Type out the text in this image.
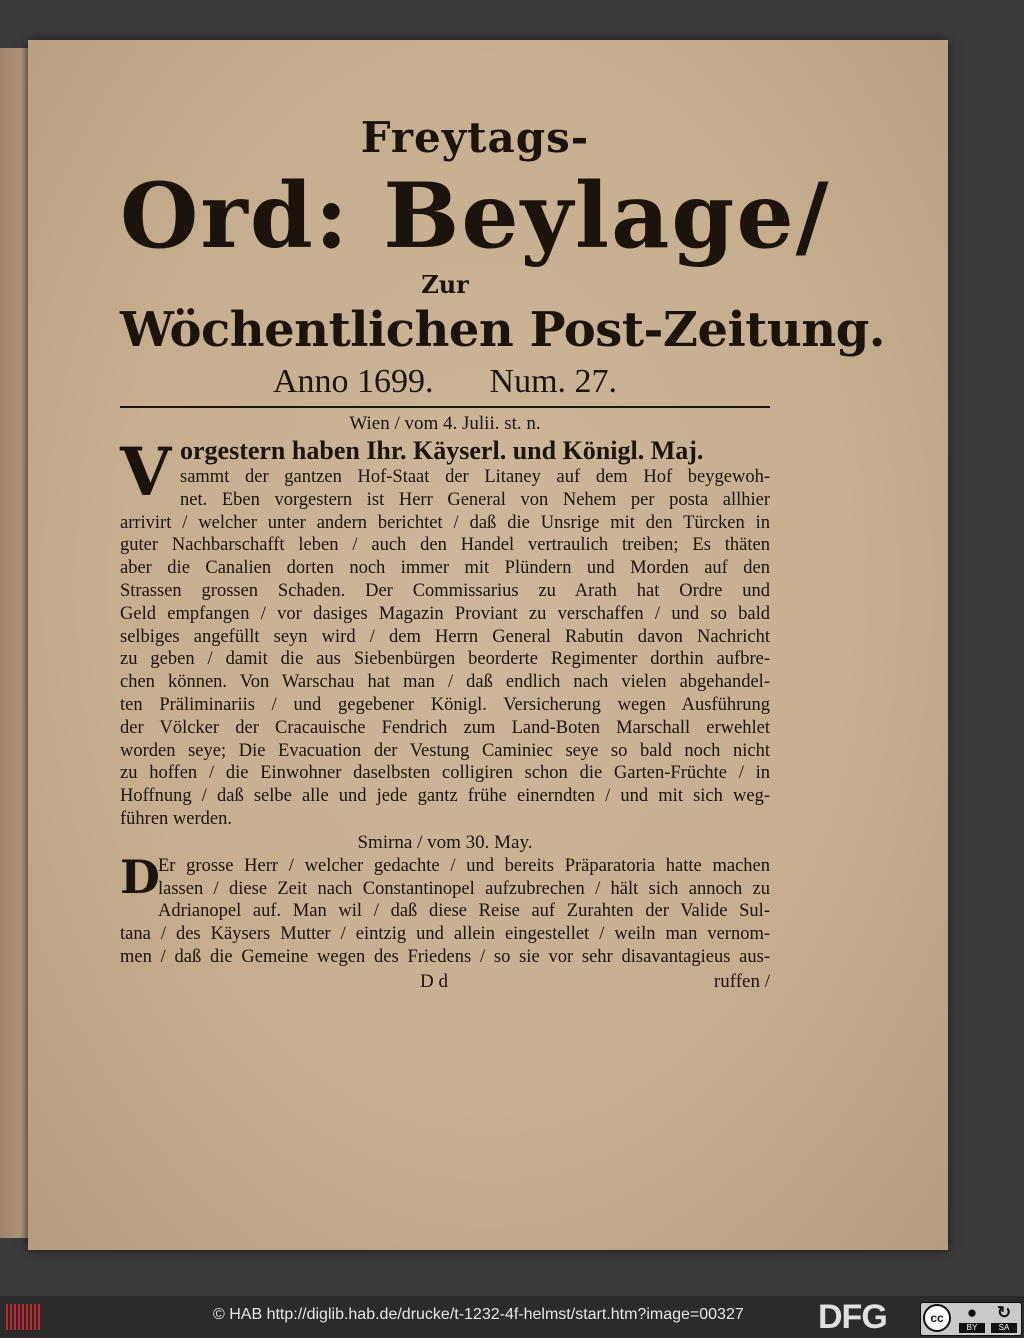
Freytags-
Ord: Beylage/
Zur
Wöchentlichen Post-Zeitung.
Anno 1699. Num. 27.
Wien / vom 4. Julii. st. n.
V orgestern haben Ihr. Käyserl. und Königl. Maj.
sammt der gantzen Hof-Staat der Litaney auf dem Hof beygewoh-
net. Eben vorgestern ist Herr General von Nehem per posta allhier
arrivirt / welcher unter andern berichtet / daß die Unsrige mit den Türcken in
guter Nachbarschafft leben / auch den Handel vertraulich treiben; Es thäten
aber die Canalien dorten noch immer mit Plündern und Morden auf den
Strassen grossen Schaden. Der Commissarius zu Arath hat Ordre und
Geld empfangen / vor dasiges Magazin Proviant zu verschaffen / und so bald
selbiges angefüllt seyn wird / dem Herrn General Rabutin davon Nachricht
zu geben / damit die aus Siebenbürgen beorderte Regimenter dorthin aufbre-
chen können. Von Warschau hat man / daß endlich nach vielen abgehandel-
ten Präliminariis / und gegebener Königl. Versicherung wegen Ausführung
der Völcker der Cracauische Fendrich zum Land-Boten Marschall erwehlet
worden seye; Die Evacuation der Vestung Caminiec seye so bald noch nicht
zu hoffen / die Einwohner daselbsten colligiren schon die Garten-Früchte / in
Hoffnung / daß selbe alle und jede gantz frühe einerndten / und mit sich weg-
führen werden.
Smirna / vom 30. May.
D
Er grosse Herr / welcher gedachte / und bereits Präparatoria hatte machen
lassen / diese Zeit nach Constantinopel aufzubrechen / hält sich annoch zu
Adrianopel auf. Man wil / daß diese Reise auf Zurahten der Valide Sul-
tana / des Käysers Mutter / eintzig und allein eingestellet / weiln man vernom-
men / daß die Gemeine wegen des Friedens / so sie vor sehr disavantagieus aus-
D d	ruffen /
© HAB http://diglib.hab.de/drucke/t-1232-4f-helmst/start.htm?image=00327 DFG	cc	●
BY
↻
SA
